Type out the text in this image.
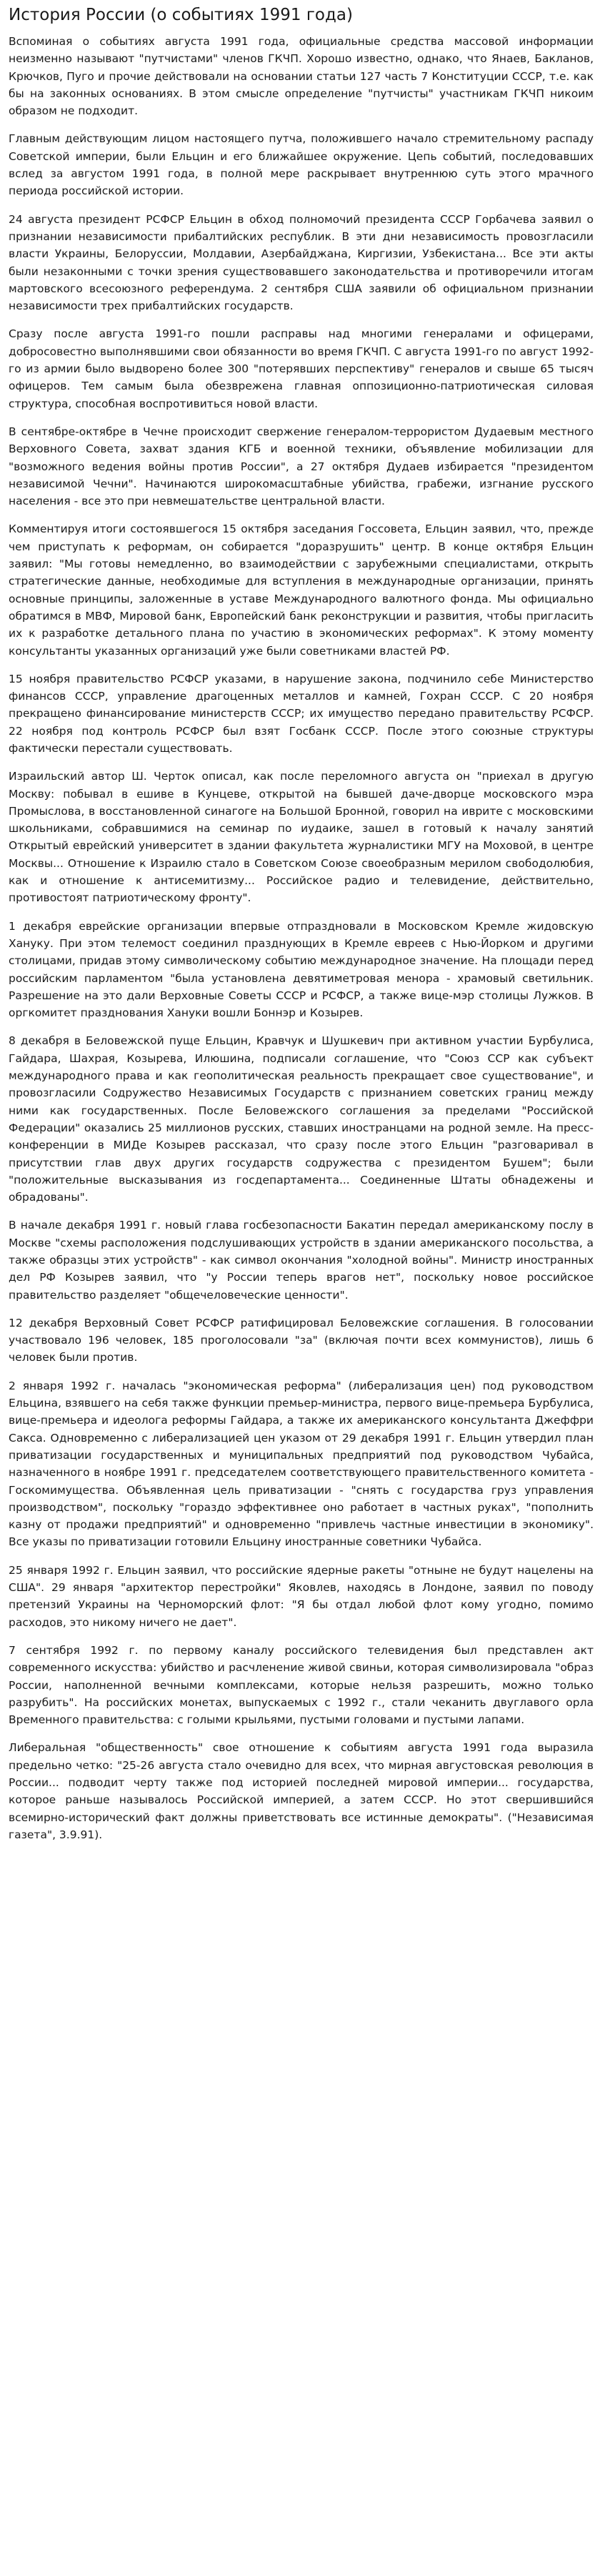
История России (о событиях 1991 года)

Вспоминая о событиях августа 1991 года, официальные средства массовой информации неизменно называют "путчистами" членов ГКЧП. Хорошо известно, однако, что Янаев, Бакланов, Крючков, Пуго и прочие действовали на основании статьи 127 часть 7 Конституции СССР, т.е. как бы на законных основаниях. В этом смысле определение "путчисты" участникам ГКЧП никоим образом не подходит.

Главным действующим лицом настоящего путча, положившего начало стремительному распаду Советской империи, были Ельцин и его ближайшее окружение. Цепь событий, последовавших вслед за августом 1991 года, в полной мере раскрывает внутреннюю суть этого мрачного периода российской истории.

24 августа президент РСФСР Ельцин в обход полномочий президента СССР Горбачева заявил о признании независимости прибалтийских республик. В эти дни независимость провозгласили власти Украины, Белоруссии, Молдавии, Азербайджана, Киргизии, Узбекистана... Все эти акты были незаконными с точки зрения существовавшего законодательства и противоречили итогам мартовского всесоюзного референдума. 2 сентября США заявили об официальном признании независимости трех прибалтийских государств.

Сразу после августа 1991-го пошли расправы над многими генералами и офицерами, добросовестно выполнявшими свои обязанности во время ГКЧП. С августа 1991-го по август 1992-го из армии было выдворено более 300 "потерявших перспективу" генералов и свыше 65 тысяч офицеров. Тем самым была обезврежена главная оппозиционно-патриотическая силовая структура, способная воспротивиться новой власти.

В сентябре-октябре в Чечне происходит свержение генералом-террористом Дудаевым местного Верховного Совета, захват здания КГБ и военной техники, объявление мобилизации для "возможного ведения войны против России", а 27 октября Дудаев избирается "президентом независимой Чечни". Начинаются широкомасштабные убийства, грабежи, изгнание русского населения - все это при невмешательстве центральной власти.

Комментируя итоги состоявшегося 15 октября заседания Госсовета, Ельцин заявил, что, прежде чем приступать к реформам, он собирается "доразрушить" центр. В конце октября Ельцин заявил: "Мы готовы немедленно, во взаимодействии с зарубежными специалистами, открыть стратегические данные, необходимые для вступления в международные организации, принять основные принципы, заложенные в уставе Международного валютного фонда. Мы официально обратимся в МВФ, Мировой банк, Европейский банк реконструкции и развития, чтобы пригласить их к разработке детального плана по участию в экономических реформах". К этому моменту консультанты указанных организаций уже были советниками властей РФ.

15 ноября правительство РСФСР указами, в нарушение закона, подчинило себе Министерство финансов СССР, управление драгоценных металлов и камней, Гохран СССР. С 20 ноября прекращено финансирование министерств СССР; их имущество передано правительству РСФСР. 22 ноября под контроль РСФСР был взят Госбанк СССР. После этого союзные структуры фактически перестали существовать.

Израильский автор Ш. Черток описал, как после переломного августа он "приехал в другую Москву: побывал в ешиве в Кунцеве, открытой на бывшей даче-дворце московского мэра Промыслова, в восстановленной синагоге на Большой Бронной, говорил на иврите с московскими школьниками, собравшимися на семинар по иудаике, зашел в готовый к началу занятий Открытый еврейский университет в здании факультета журналистики МГУ на Моховой, в центре Москвы... Отношение к Израилю стало в Советском Союзе своеобразным мерилом свободолюбия, как и отношение к антисемитизму... Российское радио и телевидение, действительно, противостоят патриотическому фронту".

1 декабря еврейские организации впервые отпраздновали в Московском Кремле жидовскую Хануку. При этом телемост соединил празднующих в Кремле евреев с Нью-Йорком и другими столицами, придав этому символическому событию международное значение. На площади перед российским парламентом "была установлена девятиметровая менора - храмовый светильник. Разрешение на это дали Верховные Советы СССР и РСФСР, а также вице-мэр столицы Лужков. В оргкомитет празднования Хануки вошли Боннэр и Козырев.

8 декабря в Беловежской пуще Ельцин, Кравчук и Шушкевич при активном участии Бурбулиса, Гайдара, Шахрая, Козырева, Илюшина, подписали соглашение, что "Союз ССР как субъект международного права и как геополитическая реальность прекращает свое существование", и провозгласили Содружество Независимых Государств с признанием советских границ между ними как государственных. После Беловежского соглашения за пределами "Российской Федерации" оказались 25 миллионов русских, ставших иностранцами на родной земле. На пресс-конференции в МИДе Козырев рассказал, что сразу после этого Ельцин "разговаривал в присутствии глав двух других государств содружества с президентом Бушем"; были "положительные высказывания из госдепартамента... Соединенные Штаты обнадежены и обрадованы".

В начале декабря 1991 г. новый глава госбезопасности Бакатин передал американскому послу в Москве "схемы расположения подслушивающих устройств в здании американского посольства, а также образцы этих устройств" - как символ окончания "холодной войны". Министр иностранных дел РФ Козырев заявил, что "у России теперь врагов нет", поскольку новое российское правительство разделяет "общечеловеческие ценности".

12 декабря Верховный Совет РСФСР ратифицировал Беловежские соглашения. В голосовании участвовало 196 человек, 185 проголосовали "за" (включая почти всех коммунистов), лишь 6 человек были против.

2 января 1992 г. началась "экономическая реформа" (либерализация цен) под руководством Ельцина, взявшего на себя также функции премьер-министра, первого вице-премьера Бурбулиса, вице-премьера и идеолога реформы Гайдара, а также их американского консультанта Джеффри Сакса. Одновременно с либерализацией цен указом от 29 декабря 1991 г. Ельцин утвердил план приватизации государственных и муниципальных предприятий под руководством Чубайса, назначенного в ноябре 1991 г. председателем соответствующего правительственного комитета - Госкомимущества. Объявленная цель приватизации - "снять с государства груз управления производством", поскольку "гораздо эффективнее оно работает в частных руках", "пополнить казну от продажи предприятий" и одновременно "привлечь частные инвестиции в экономику". Все указы по приватизации готовили Ельцину иностранные советники Чубайса.

25 января 1992 г. Ельцин заявил, что российские ядерные ракеты "отныне не будут нацелены на США". 29 января "архитектор перестройки" Яковлев, находясь в Лондоне, заявил по поводу претензий Украины на Черноморский флот: "Я бы отдал любой флот кому угодно, помимо расходов, это никому ничего не дает".

7 сентября 1992 г. по первому каналу российского телевидения был представлен акт современного искусства: убийство и расчленение живой свиньи, которая символизировала "образ России, наполненной вечными комплексами, которые нельзя разрешить, можно только разрубить". На российских монетах, выпускаемых с 1992 г., стали чеканить двуглавого орла Временного правительства: с голыми крыльями, пустыми головами и пустыми лапами.

Либеральная "общественность" свое отношение к событиям августа 1991 года выразила предельно четко: "25-26 августа стало очевидно для всех, что мирная августовская революция в России... подводит черту также под историей последней мировой империи... государства, которое раньше называлось Российской империей, а затем СССР. Но этот свершившийся всемирно-исторический факт должны приветствовать все истинные демократы". ("Независимая газета", 3.9.91).
